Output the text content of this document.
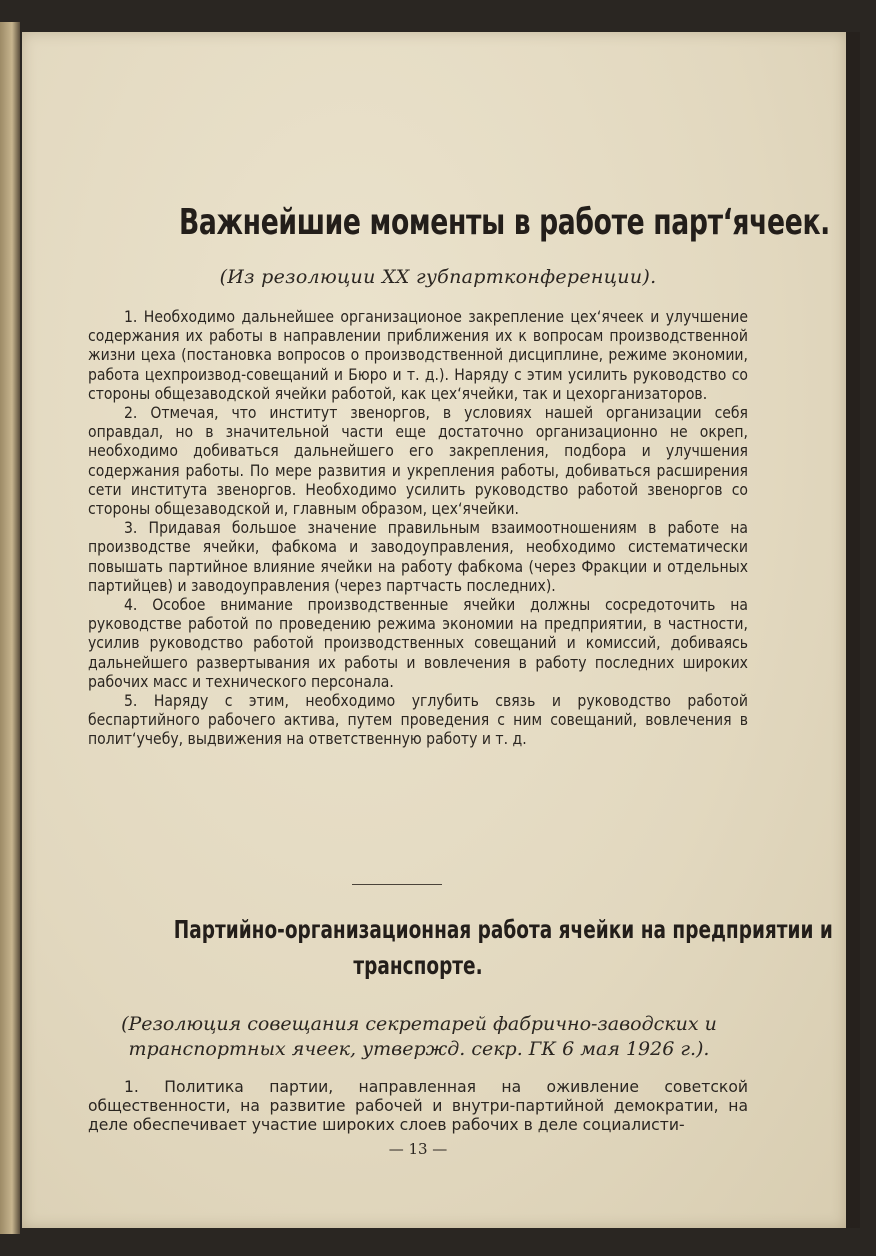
Важнейшие моменты в работе парт‘ячеек.
(Из резолюции XX губпартконференции).

1. Необходимо дальнейшее организационое закрепление цех‘ячеек и улучшение содержания их работы в направлении приближения их к вопросам производственной жизни цеха (постановка вопросов о производственной дисциплине, режиме экономии, работа цехпроизвод-совещаний и Бюро и т. д.). Наряду с этим усилить руководство со стороны общезаводской ячейки работой, как цех‘ячейки, так и цехорганизаторов.

2. Отмечая, что институт звеноргов, в условиях нашей организации себя оправдал, но в значительной части еще достаточно организационно не окреп, необходимо добиваться дальнейшего его закрепления, подбора и улучшения содержания работы. По мере развития и укрепления работы, добиваться расширения сети института звеноргов. Необходимо усилить руководство работой звеноргов со стороны общезаводской и, главным образом, цех‘ячейки.

3. Придавая большое значение правильным взаимоотношениям в работе на производстве ячейки, фабкома и заводоуправления, необходимо систематически повышать партийное влияние ячейки на работу фабкома (через Фракции и отдельных партийцев) и заводоуправления (через партчасть последних).

4. Особое внимание производственные ячейки должны сосредоточить на руководстве работой по проведению режима экономии на предприятии, в частности, усилив руководство работой производственных совещаний и комиссий, добиваясь дальнейшего развертывания их работы и вовлечения в работу последних широких рабочих масс и технического персонала.

5. Наряду с этим, необходимо углубить связь и руководство работой беспартийного рабочего актива, путем проведения с ним совещаний, вовлечения в полит‘учебу, выдвижения на ответственную работу и т. д.

Партийно-организационная работа ячейки на предприятии и
транспорте.
(Резолюция совещания секретарей фабрично-заводских и транспортных ячеек, утвержд. секр. ГК 6 мая 1926 г.).

1. Политика партии, направленная на оживление советской общественности, на развитие рабочей и внутри-партийной демократии, на деле обеспечивает участие широких слоев рабочих в деле социалисти-

— 13 —
